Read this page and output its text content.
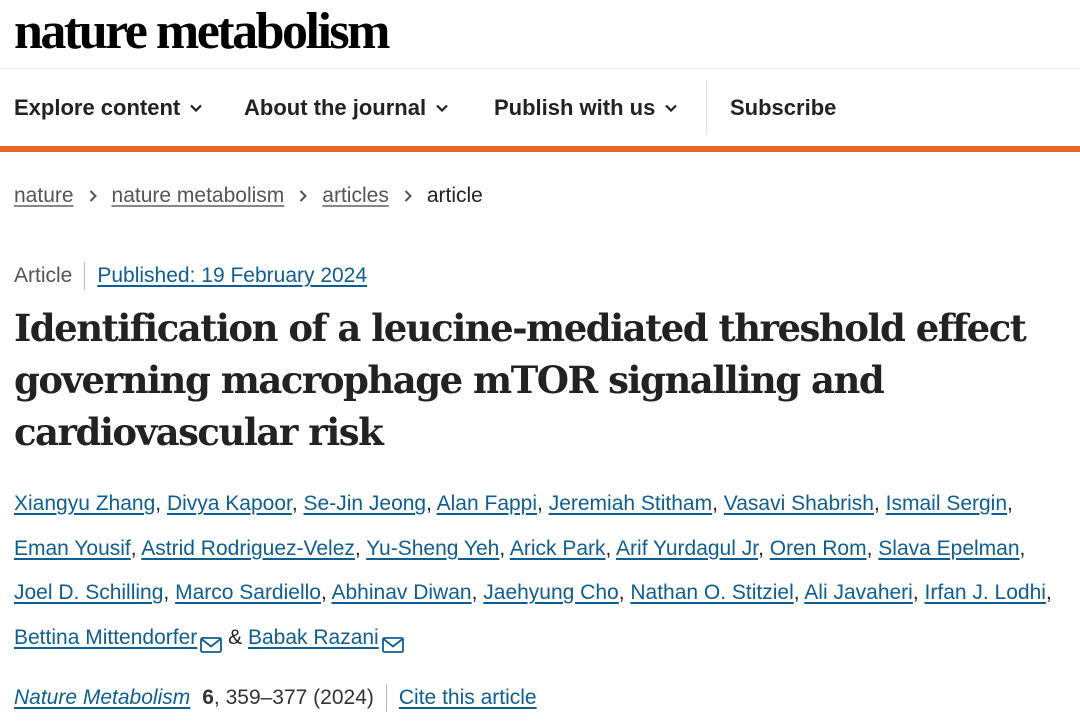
nature metabolism
Explore content	About the journal	Publish with us	Subscribe
nature nature metabolism articles article
Article Published: 19 February 2024
Identification of a leucine-mediated threshold effect governing macrophage mTOR signalling and cardiovascular risk
Xiangyu Zhang, Divya Kapoor, Se-Jin Jeong, Alan Fappi, Jeremiah Stitham, Vasavi Shabrish, Ismail Sergin, Eman Yousif, Astrid Rodriguez-Velez, Yu-Sheng Yeh, Arick Park, Arif Yurdagul Jr, Oren Rom, Slava Epelman, Joel D. Schilling, Marco Sardiello, Abhinav Diwan, Jaehyung Cho, Nathan O. Stitziel, Ali Javaheri, Irfan J. Lodhi, Bettina Mittendorfer & Babak Razani
Nature Metabolism 6 , 359–377 (2024) Cite this article
